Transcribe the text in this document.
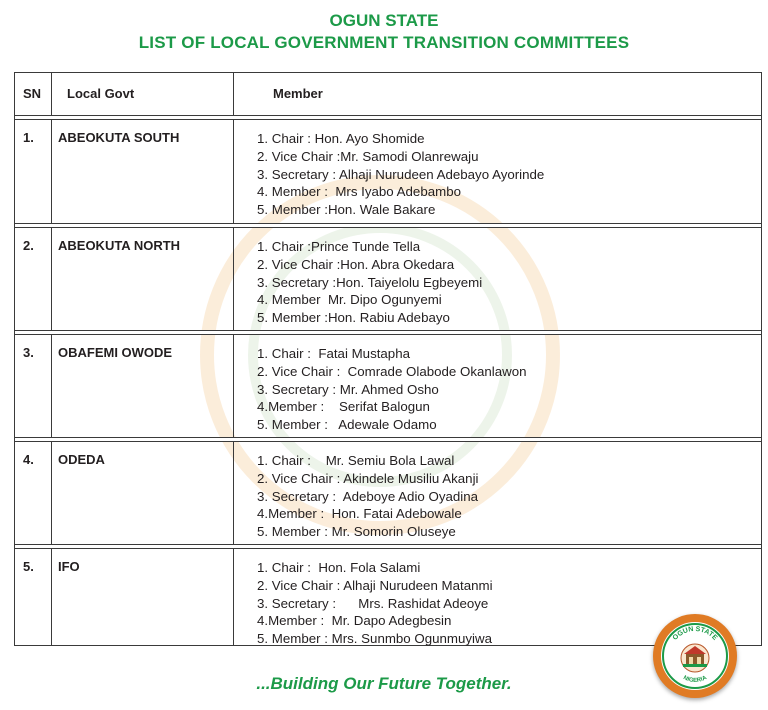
OGUN STATE
LIST OF LOCAL GOVERNMENT TRANSITION COMMITTEES
SN Local Govt	Member
1. ABEOKUTA SOUTH	1. Chair : Hon. Ayo Shomide
2. Vice Chair :Mr. Samodi Olanrewaju
3. Secretary : Alhaji Nurudeen Adebayo Ayorinde
4. Member :  Mrs Iyabo Adebambo
5. Member :Hon. Wale Bakare
2. ABEOKUTA NORTH	1. Chair :Prince Tunde Tella
2. Vice Chair :Hon. Abra Okedara
3. Secretary :Hon. Taiyelolu Egbeyemi
4. Member  Mr. Dipo Ogunyemi
5. Member :Hon. Rabiu Adebayo
3. OBAFEMI OWODE	1. Chair :  Fatai Mustapha
2. Vice Chair :  Comrade Olabode Okanlawon
3. Secretary : Mr. Ahmed Osho
4.Member :    Serifat Balogun
5. Member :   Adewale Odamo
4. ODEDA	1. Chair :    Mr. Semiu Bola Lawal
2. Vice Chair : Akindele Musiliu Akanji
3. Secretary :  Adeboye Adio Oyadina
4.Member :  Hon. Fatai Adebowale
5. Member : Mr. Somorin Oluseye
5. IFO	1. Chair :  Hon. Fola Salami
2. Vice Chair : Alhaji Nurudeen Matanmi
3. Secretary :      Mrs. Rashidat Adeoye
4.Member :  Mr. Dapo Adegbesin
5. Member : Mrs. Sunmbo Ogunmuyiwa
...Building Our Future Together.
OGUN STATE
NIGERIA
